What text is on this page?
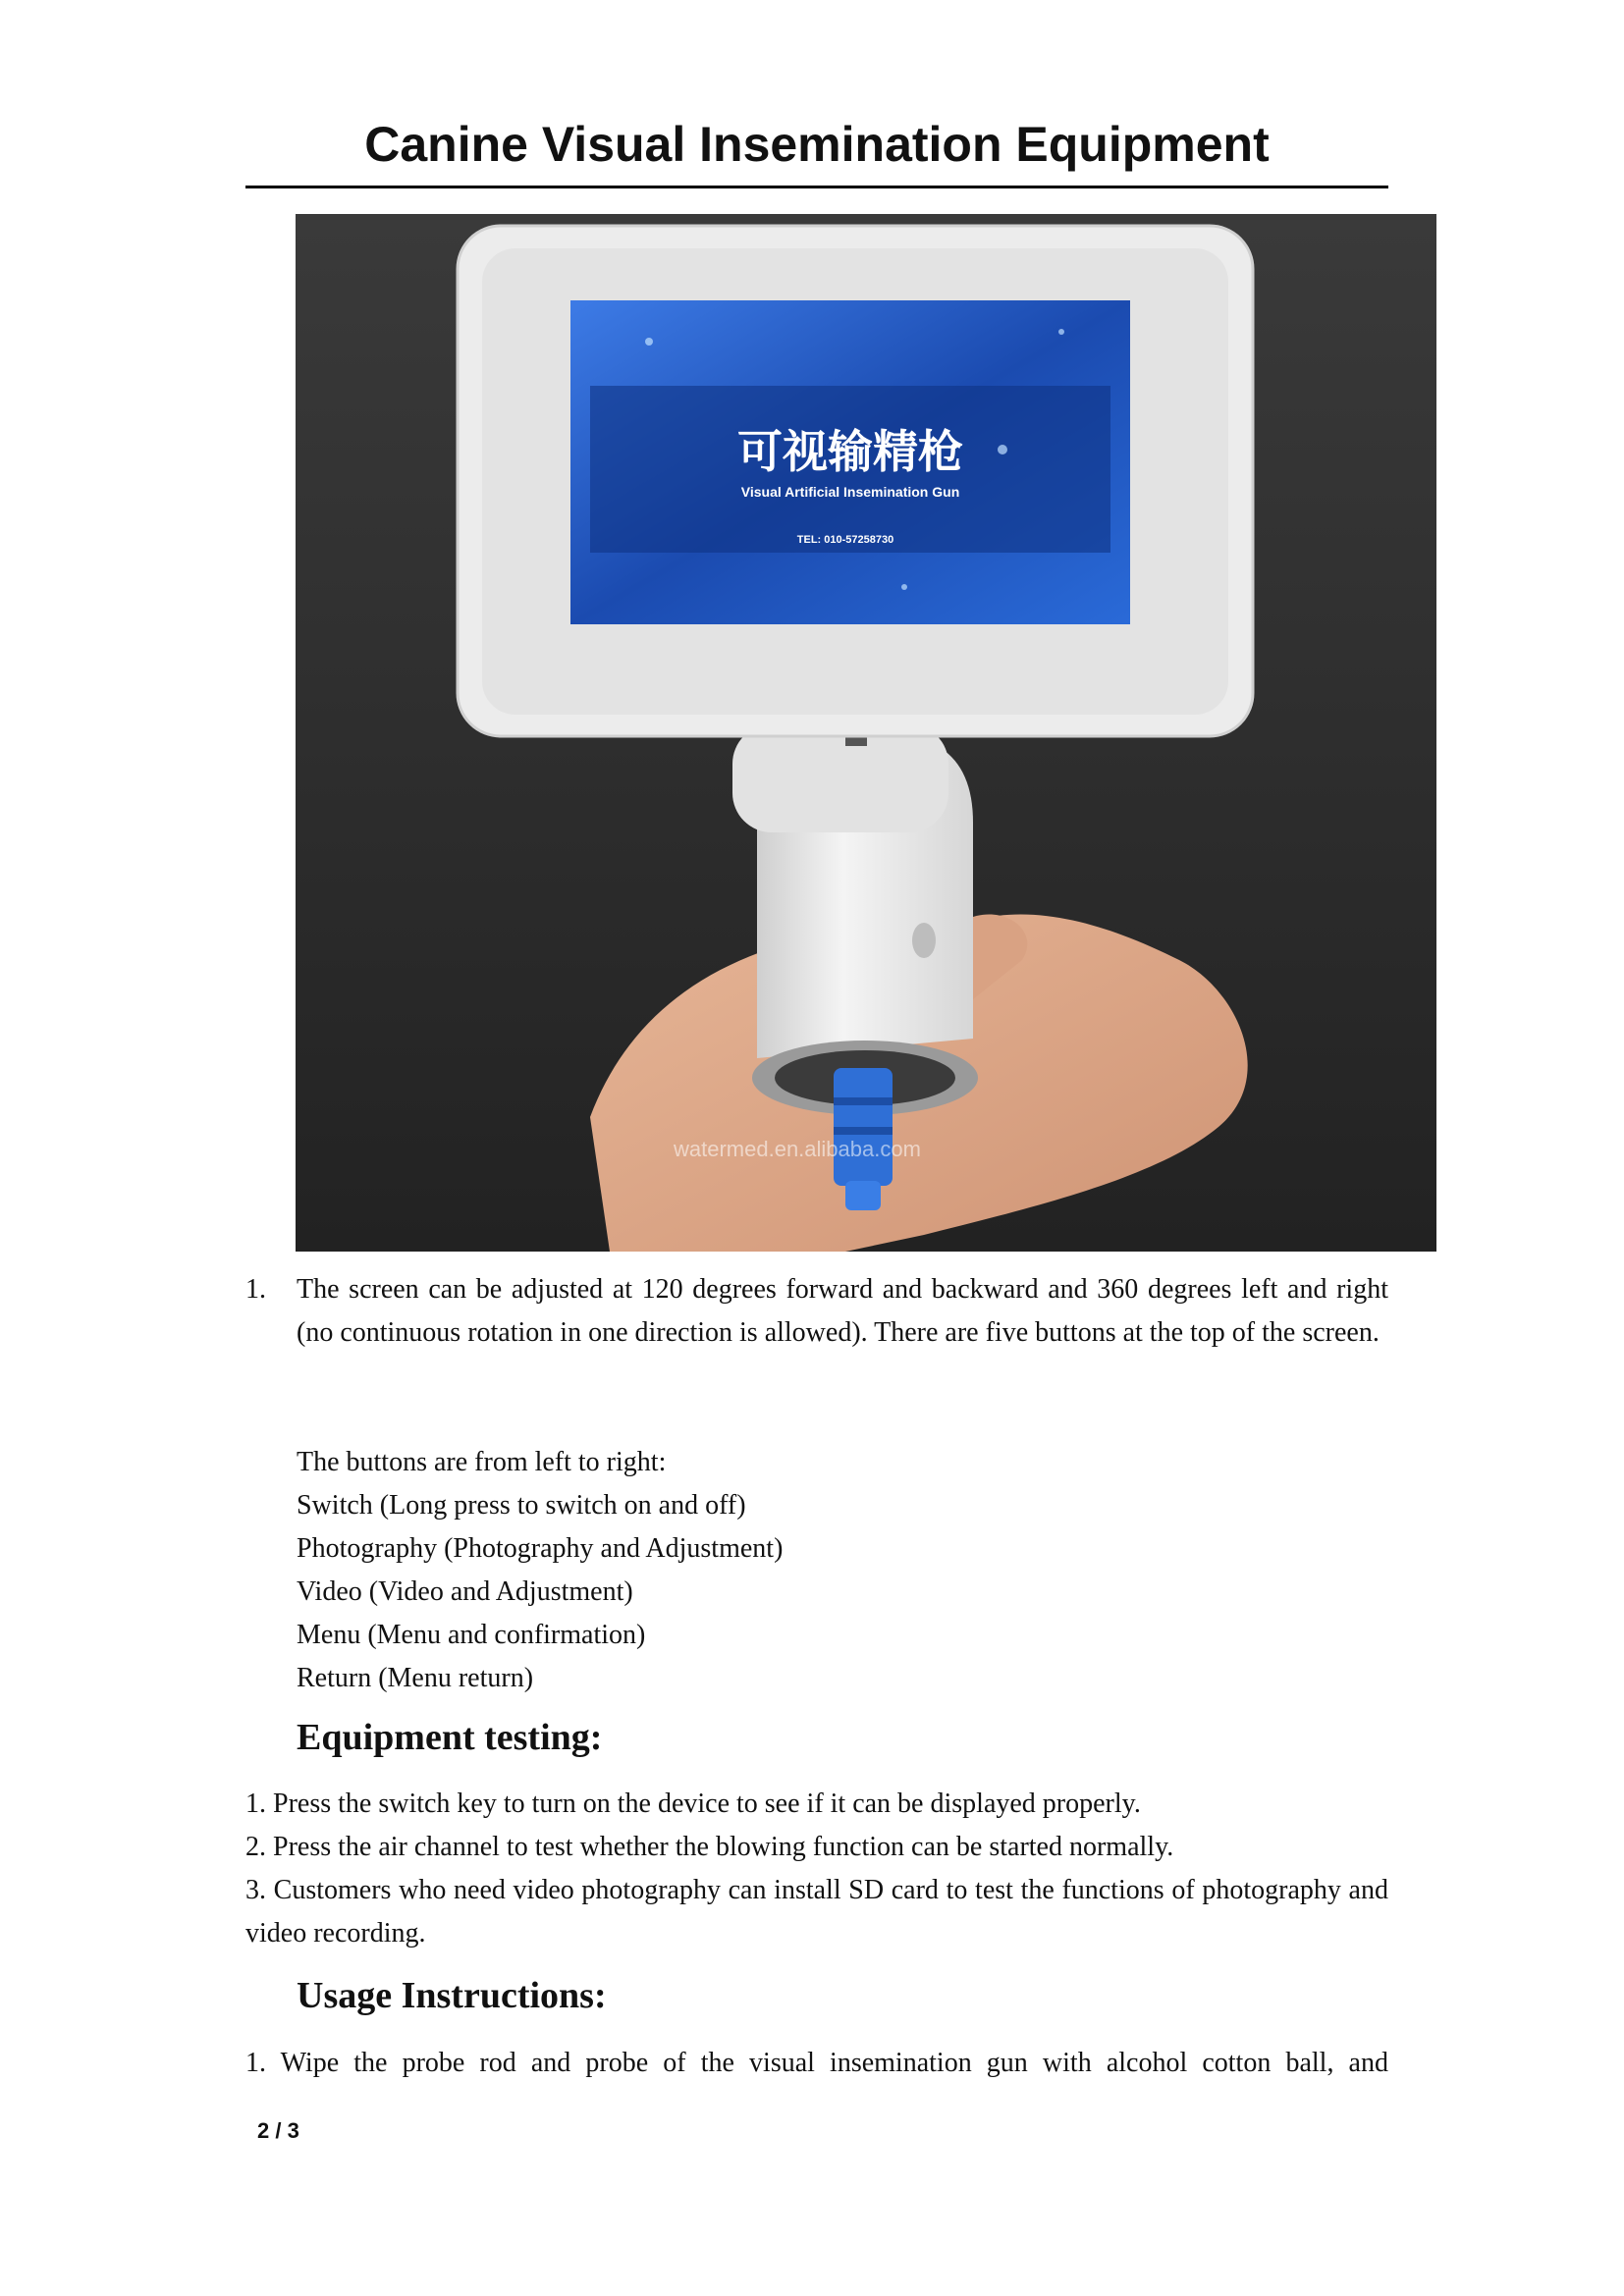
Canine Visual Insemination Equipment
可视输精枪
Visual Artificial Insemination Gun
TEL: 010-57258730
watermed.en.alibaba.com
1. The screen can be adjusted at 120 degrees forward and backward and 360 degrees left and right (no continuous rotation in one direction is allowed). There are five buttons at the top of the screen.
The buttons are from left to right:
Switch (Long press to switch on and off)
Photography (Photography and Adjustment)
Video (Video and Adjustment)
Menu (Menu and confirmation)
Return (Menu return)
Equipment testing:
1. Press the switch key to turn on the device to see if it can be displayed properly.
2. Press the air channel to test whether the blowing function can be started normally.
3. Customers who need video photography can install SD card to test the functions of photography and video recording.
Usage Instructions:
1. Wipe the probe rod and probe of the visual insemination gun with alcohol cotton ball, and
2 / 3
